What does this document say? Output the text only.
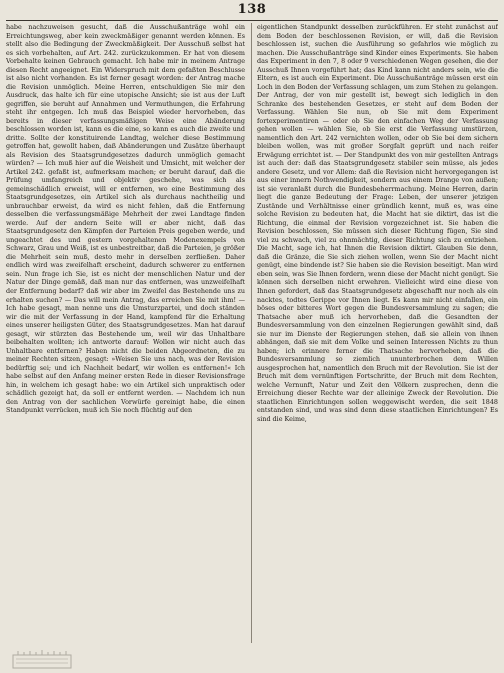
138
habe nachzuweisen gesucht, daß die Ausschußanträge wohl ein Erreichtungsweg, aber kein zweckmäßiger genannt werden können. Es stellt also die Bedingung der Zweckmäßigkeit. Der Ausschuß selbst hat es sich vorbehalten, auf Art. 242. zurückzukommen. Er hat von diesem Vorbehalte keinen Gebrauch gemacht. Ich habe mir in meinem Antrage diesen Recht angeeignet. Ein Widerspruch mit dem gefaßten Beschlusse ist also nicht vorhanden. Es ist ferner gesagt worden: der Antrag mache die Revision unmöglich. Meine Herren, entschuldigen Sie mir den Ausdruck, das halte ich für eine utopische Ansicht; sie ist aus der Luft gegriffen, sie beruht auf Annahmen und Vermuthungen, die Erfahrung steht ihr entgegen. Ich muß das Beispiel wieder hervorheben, das bereits in dieser verfassungsmäßigen Weise eine Abänderung beschlossen worden ist, kann es die eine, so kann es auch die zweite und dritte. Sollte der konstituirende Landtag, welcher diese Bestimmung getroffen hat, gewollt haben, daß Abänderungen und Zusätze überhaupt als Revision des Staatsgrundgesetzes dadurch unmöglich gemacht würden? — Ich muß hier auf die Weisheit und Umsicht, mit welcher der Artikel 242. gefaßt ist, aufmerksam machen; er beruht darauf, daß die Prüfung umfangreich und objektiv geschehe, was sich als gemeinschädlich erweist, will er entfernen, wo eine Bestimmung des Staatsgrundgesetzes, ein Artikel sich als durchaus nachtheilig und unbrauchbar erweist, da wird es nicht fehlen, daß die Entfernung desselben die verfassungsmäßige Mehrheit der zwei Landtage finden werde. Auf der andern Seite will er aber nicht, daß das Staatsgrundgesetz den Kämpfen der Parteien Preis gegeben werde, und ungeachtet des und gestern vorgehaltenen Modenexempels von Schwarz, Grau und Weiß, ist es unbestreitbar, daß die Parteien, je größer die Mehrheit sein muß, desto mehr in derselben zerfließen. Daher endlich wird was zweifelhaft erscheint, dadurch schwerer zu entfernen sein. Nun frage ich Sie, ist es nicht der menschlichen Natur und der Natur der Dinge gemäß, daß man nur das entfernen, was unzweifelhaft der Entfernung bedarf? daß wir aber im Zweifel das Bestehende uns zu erhalten suchen? — Das will mein Antrag, das erreichen Sie mit ihm! — Ich habe gesagt, man nenne uns die Umsturzpartei, und doch ständen wir die mit der Verfassung in der Hand, kampfend für die Erhaltung eines unserer heiligsten Güter, des Staatsgrundgesetzes. Man hat darauf gesagt, wir stürzten das Bestehende um, weil wir das Unhaltbare beibehalten wollten; ich antworte darauf: Wollen wir nicht auch das Unhaltbare entfernen? Haben nicht die beiden Abgeordneten, die zu meiner Rechten sitzen, gesagt: »Weisen Sie uns nach, was der Revision bedürftig sei; und ich Nachheit bedarf, wir wollen es entfernen!« Ich habe selbst auf den Anfang meiner ersten Rede in dieser Revisionsfrage hin, in welchem ich gesagt habe: wo ein Artikel sich unpraktisch oder schädlich gezeigt hat, da soll er entfernt werden. — Nachdem ich nun den Antrag von der sachlichen Vorwürfe gereinigt habe, die einen Standpunkt verrücken, muß ich Sie noch flüchtig auf den
eigentlichen Standpunkt desselben zurückführen. Er steht zunächst auf dem Boden der beschlossenen Revision, er will, daß die Revision beschlossen ist, suchen die Ausführung so gefahrlos wie möglich zu machen. Die Ausschußanträge sind Kinder eines Experiments. Sie haben das Experiment in den 7, 8 oder 9 verschiedenen Wegen gesehen, die der Ausschuß Ihnen vorgeführt hat; das Kind kann nicht anders sein, wie die Eltern, es ist auch ein Experiment. Die Ausschußanträge müssen erst ein Loch in den Boden der Verfassung schlagen, um zum Stehen zu gelangen. Der Antrag, der von mir gestellt ist, bewegt sich lediglich in den Schranke des bestehenden Gesetzes, er steht auf dem Boden der Verfassung. Wählen Sie nun, ob Sie mit dem Experiment fortexperimentiren — oder ob Sie den einfachen Weg der Verfassung gehen wollen — wählen Sie, ob Sie erst die Verfassung umstürzen, namentlich den Art. 242 vernichten wollen, oder ob Sie bei dem sichern bleiben wollen, was mit großer Sorgfalt geprüft und nach reifer Erwägung errichtet ist. — Der Standpunkt des von mir gestellten Antrags ist auch der: daß das Staatsgrundgesetz stabiler sein müsse, als jedes andere Gesetz, und vor Allem: daß die Revision nicht hervorgegangen ist aus einer innern Nothwendigkeit, sondern aus einem Drange von außen; ist sie veranlaßt durch die Bundesbeherrmachung. Meine Herren, darin liegt die ganze Bedeutung der Frage: Leben, der unserer jetzigen Zustände und Verhältnisse einer gründlich kennt, muß es, was eine solche Revision zu bedeuten hat, die Macht hat sie diktirt, das ist die Richtung, die einmal der Revision vorgezeichnet ist. Sie haben die Revision beschlossen, Sie müssen sich dieser Richtung fügen, Sie sind viel zu schwach, viel zu ohnmächtig, dieser Richtung sich zu entziehen. Die Macht, sage ich, hat Ihnen die Revision diktirt. Glauben Sie denn, daß die Gränze, die Sie sich ziehen wollen, wenn Sie der Macht nicht genügt, eine bindende ist? Sie haben sie die Revision beseitigt. Man wird eben sein, was Sie Ihnen fordern, wenn diese der Macht nicht genügt. Sie können sich derselben nicht erwehren. Vielleicht wird eine diese von Ihnen gefordert, daß das Staatsgrundgesetz abgeschafft nur noch als ein nacktes, todtes Gerippe vor Ihnen liegt. Es kann mir nicht einfallen, ein böses oder bitteres Wort gegen die Bundesversammlung zu sagen; die Thatsache aber muß ich hervorheben, daß die Gesandten der Bundesversammlung von den einzelnen Regierungen gewählt sind, daß sie nur im Dienste der Regierungen stehen, daß sie allein von ihnen abhängen, daß sie mit dem Volke und seinen Interessen Nichts zu thun haben; ich erinnere ferner die Thatsache hervorheben, daß die Bundesversammlung so ziemlich ununterbrochen dem Willen ausgesprochen hat, namentlich den Bruch mit der Revolution. Sie ist der Bruch mit dem vernünftigen Fortschritte, der Bruch mit dem Rechten, welche Vernunft, Natur und Zeit den Völkern zusprechen, denn die Erreichung dieser Rechte war der alleinige Zweck der Revolution. Die staatlichen Einrichtungen sollen weggewischt werden, die seit 1848 entstanden sind, und was sind denn diese staatlichen Einrichtungen? Es sind die Keime,
